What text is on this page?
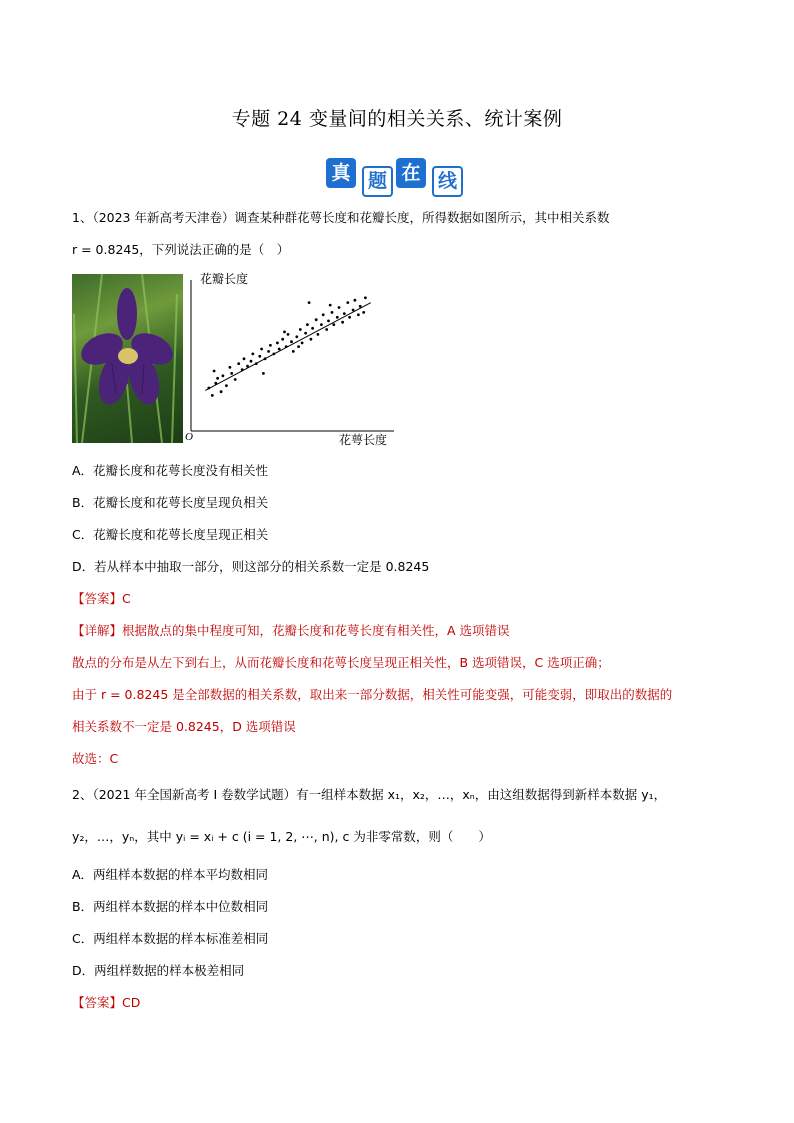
专题 24 变量间的相关关系、统计案例
真 题 在 线
1、（2023 年新高考天津卷）调查某种群花萼长度和花瓣长度，所得数据如图所示，其中相关系数
r = 0.8245，下列说法正确的是（　）
花瓣长度
花萼长度
O
A．花瓣长度和花萼长度没有相关性
B．花瓣长度和花萼长度呈现负相关
C．花瓣长度和花萼长度呈现正相关
D．若从样本中抽取一部分，则这部分的相关系数一定是 0.8245
【答案】C
【详解】根据散点的集中程度可知，花瓣长度和花萼长度有相关性，A 选项错误
散点的分布是从左下到右上，从而花瓣长度和花萼长度呈现正相关性，B 选项错误，C 选项正确；
由于 r = 0.8245 是全部数据的相关系数，取出来一部分数据，相关性可能变强，可能变弱，即取出的数据的
相关系数不一定是 0.8245，D 选项错误
故选：C
2、（2021 年全国新高考 I 卷数学试题）有一组样本数据 x₁，x₂，…，xₙ，由这组数据得到新样本数据 y₁，
y₂，…，yₙ，其中 yᵢ = xᵢ + c (i = 1, 2, ⋯, n), c 为非零常数，则（　　）
A．两组样本数据的样本平均数相同
B．两组样本数据的样本中位数相同
C．两组样本数据的样本标准差相同
D．两组样数据的样本极差相同
【答案】CD
